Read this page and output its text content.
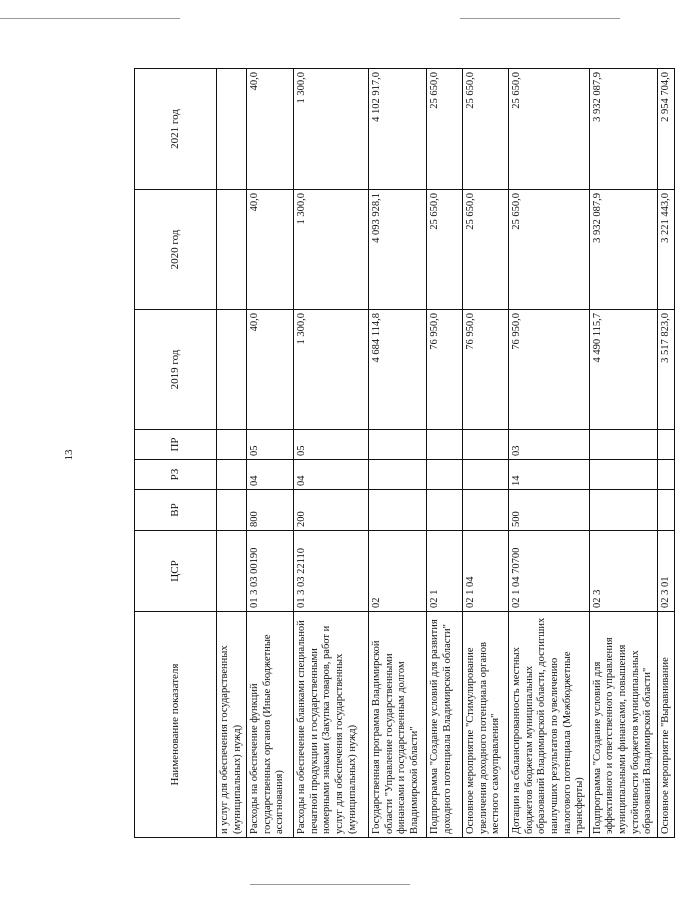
13
Наименование показателя	ЦСР	ВР	РЗ	ПР	2019 год	2020 год	2021 год
и услуг для обеспечения государственных (муниципальных) нужд)							
Расходы на обеспечение функций государственных органов (Иные бюджетные ассигнования)	01 3 03 00190	800	04	05	40,0	40,0	40,0
Расходы на обеспечение бланками специальной печатной продукции и государственными номерными знаками (Закупка товаров, работ и услуг для обеспечения государственных (муниципальных) нужд)	01 3 03 22110	200	04	05	1 300,0	1 300,0	1 300,0
Государственная программа Владимирской области "Управление государственными финансами и государственным долгом Владимирской области"	02				4 684 114,8	4 093 928,1	4 102 917,0
Подпрограмма "Создание условий для развития доходного потенциала Владимирской области"	02 1				76 950,0	25 650,0	25 650,0
Основное мероприятие "Стимулирование увеличения доходного потенциала органов местного самоуправления"	02 1 04				76 950,0	25 650,0	25 650,0
Дотации на сбалансированность местных бюджетов бюджетам муниципальных образований Владимирской области, достигших наилучших результатов по увеличению налогового потенциала (Межбюджетные трансферты)	02 1 04 70700	500	14	03	76 950,0	25 650,0	25 650,0
Подпрограмма "Создание условий для эффективного и ответственного управления муниципальными финансами, повышения устойчивости бюджетов муниципальных образований Владимирской области"	02 3				4 490 115,7	3 932 087,9	3 932 087,9
Основное мероприятие "Выравнивание	02 3 01				3 517 823,0	3 221 443,0	2 954 704,0
